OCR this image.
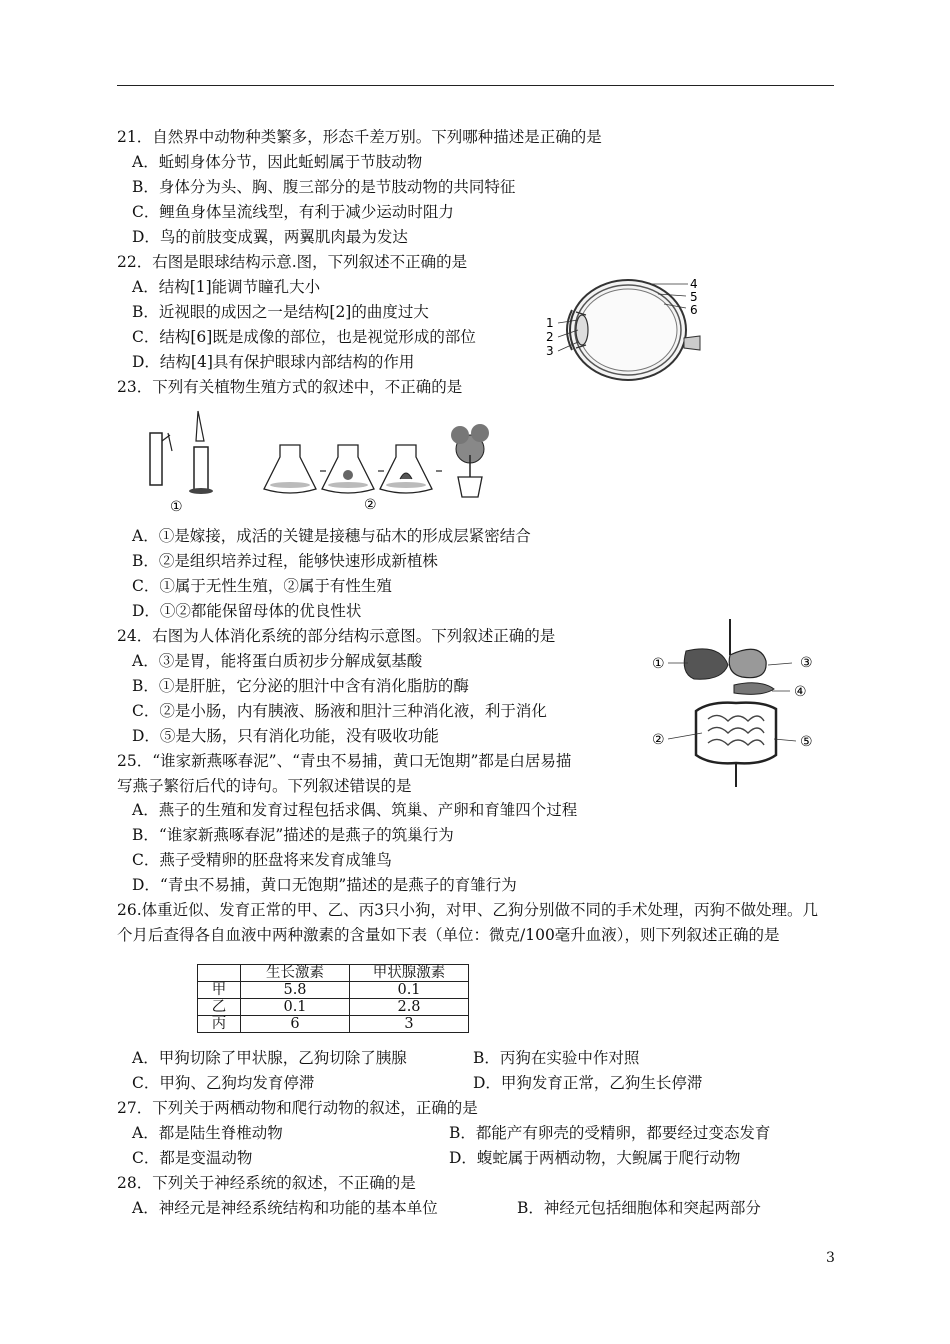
21．自然界中动物种类繁多，形态千差万别。下列哪种描述是正确的是
A．蚯蚓身体分节，因此蚯蚓属于节肢动物
B．身体分为头、胸、腹三部分的是节肢动物的共同特征
C．鲤鱼身体呈流线型，有利于减少运动时阻力
D．鸟的前肢变成翼，两翼肌肉最为发达
22．右图是眼球结构示意.图，下列叙述不正确的是
A．结构[1]能调节瞳孔大小
B．近视眼的成因之一是结构[2]的曲度过大
C．结构[6]既是成像的部位，也是视觉形成的部位
D．结构[4]具有保护眼球内部结构的作用
1
2
3
4
5
6
23．下列有关植物生殖方式的叙述中，不正确的是
①	②
A．①是嫁接，成活的关键是接穗与砧木的形成层紧密结合
B．②是组织培养过程，能够快速形成新植株
C．①属于无性生殖，②属于有性生殖
D．①②都能保留母体的优良性状
24．右图为人体消化系统的部分结构示意图。下列叙述正确的是
A．③是胃，能将蛋白质初步分解成氨基酸
B．①是肝脏，它分泌的胆汁中含有消化脂肪的酶
C．②是小肠，内有胰液、肠液和胆汁三种消化液，利于消化
D．⑤是大肠，只有消化功能，没有吸收功能
①
②
③
④
⑤
25．“谁家新燕啄春泥”、“青虫不易捕，黄口无饱期”都是白居易描
写燕子繁衍后代的诗句。下列叙述错误的是
A．燕子的生殖和发育过程包括求偶、筑巢、产卵和育雏四个过程
B．“谁家新燕啄春泥”描述的是燕子的筑巢行为
C．燕子受精卵的胚盘将来发育成雏鸟
D．“青虫不易捕，黄口无饱期”描述的是燕子的育雏行为
26.体重近似、发育正常的甲、乙、丙3只小狗，对甲、乙狗分别做不同的手术处理，丙狗不做处理。几
个月后查得各自血液中两种激素的含量如下表（单位：微克/100毫升血液），则下列叙述正确的是
	生长激素	甲状腺激素
甲	5.8	0.1
乙	0.1	2.8
丙	6	3
A．甲狗切除了甲状腺，乙狗切除了胰腺	B．丙狗在实验中作对照
C．甲狗、乙狗均发育停滞	D．甲狗发育正常，乙狗生长停滞
27．下列关于两栖动物和爬行动物的叙述，正确的是
A．都是陆生脊椎动物	B．都能产有卵壳的受精卵，都要经过变态发育
C．都是变温动物	D．蝮蛇属于两栖动物，大鲵属于爬行动物
28．下列关于神经系统的叙述，不正确的是
A．神经元是神经系统结构和功能的基本单位	B．神经元包括细胞体和突起两部分
3
